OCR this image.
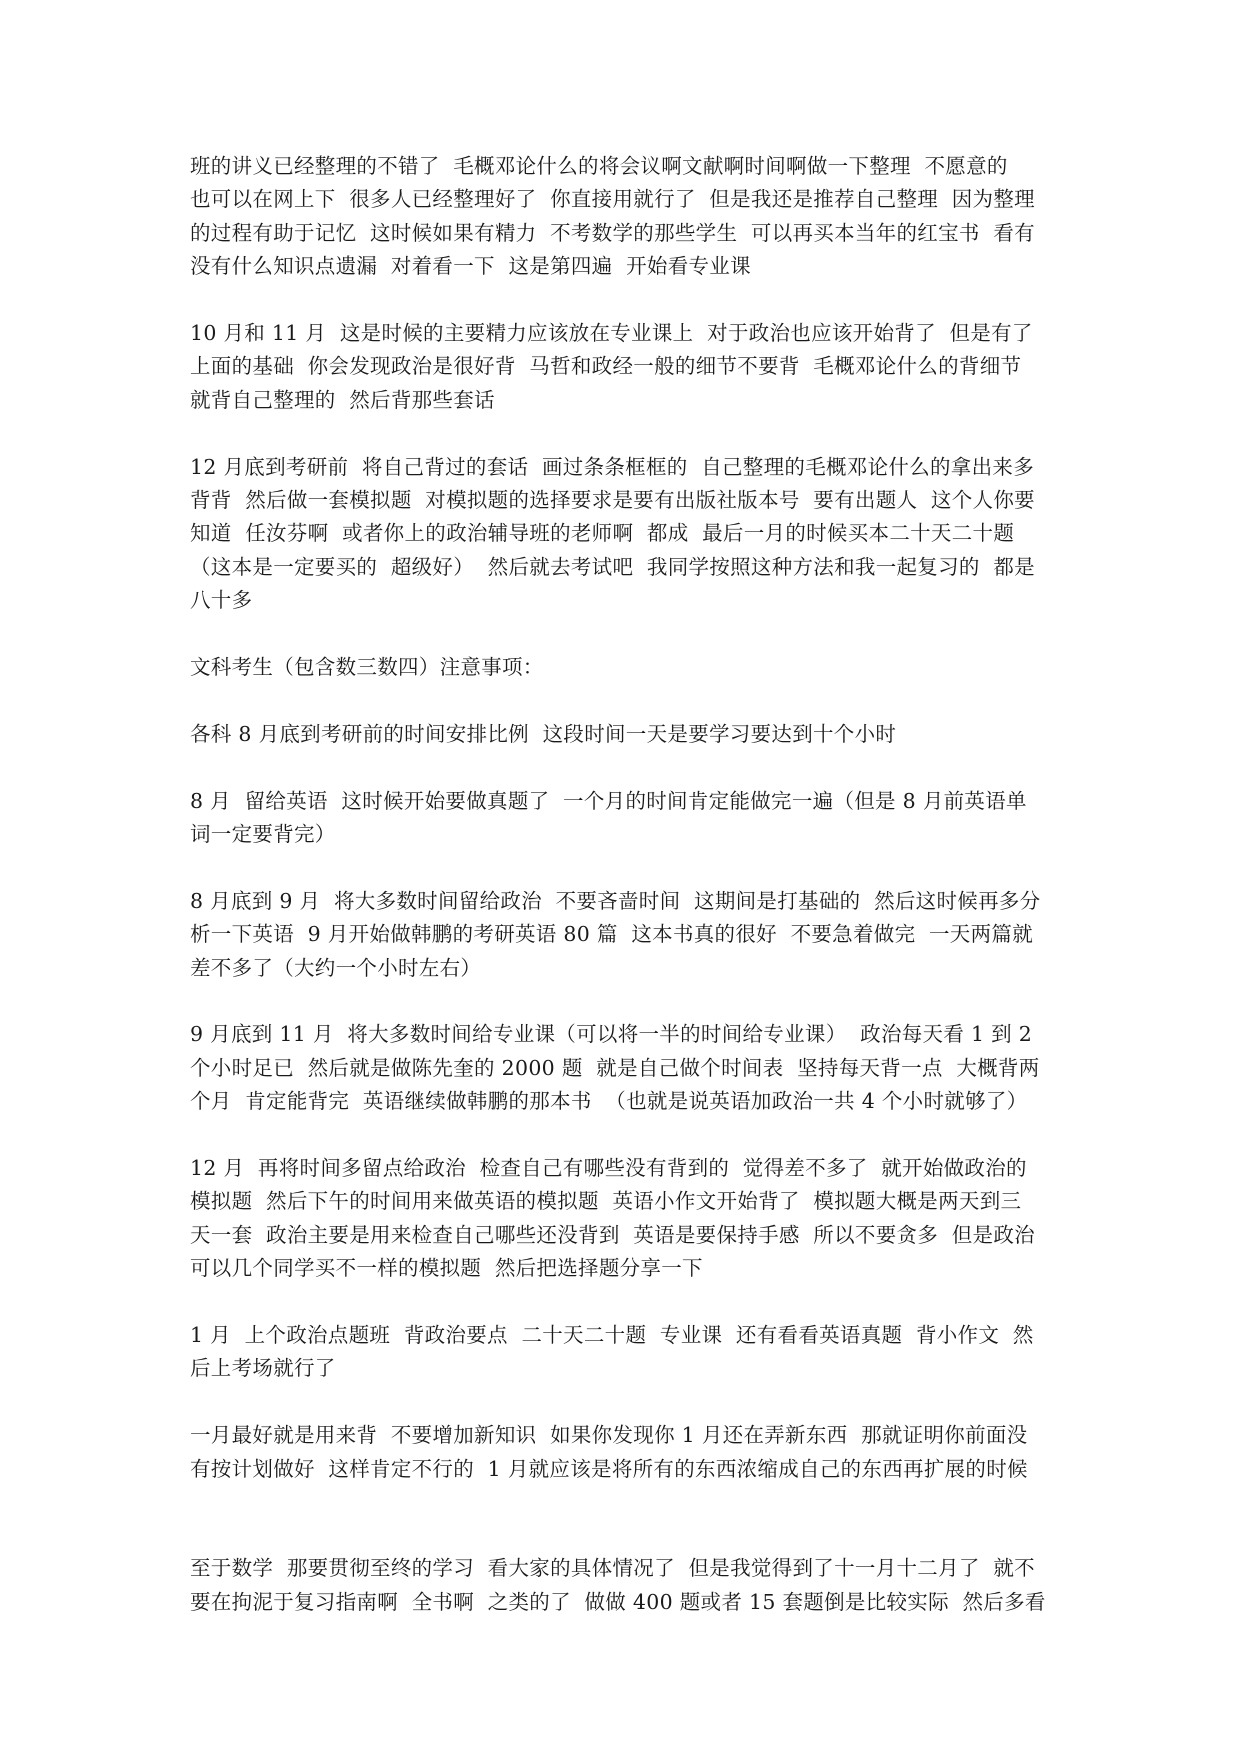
班的讲义已经整理的不错了  毛概邓论什么的将会议啊文献啊时间啊做一下整理  不愿意的
也可以在网上下  很多人已经整理好了  你直接用就行了  但是我还是推荐自己整理  因为整理
的过程有助于记忆  这时候如果有精力  不考数学的那些学生  可以再买本当年的红宝书  看有
没有什么知识点遗漏  对着看一下  这是第四遍  开始看专业课
10 月和 11 月  这是时候的主要精力应该放在专业课上  对于政治也应该开始背了  但是有了
上面的基础  你会发现政治是很好背  马哲和政经一般的细节不要背  毛概邓论什么的背细节
就背自己整理的  然后背那些套话
12 月底到考研前  将自己背过的套话  画过条条框框的  自己整理的毛概邓论什么的拿出来多
背背  然后做一套模拟题  对模拟题的选择要求是要有出版社版本号  要有出题人  这个人你要
知道  任汝芬啊  或者你上的政治辅导班的老师啊  都成  最后一月的时候买本二十天二十题
（这本是一定要买的  超级好）  然后就去考试吧  我同学按照这种方法和我一起复习的  都是
八十多
文科考生（包含数三数四）注意事项：
各科 8 月底到考研前的时间安排比例  这段时间一天是要学习要达到十个小时
8 月  留给英语  这时候开始要做真题了  一个月的时间肯定能做完一遍（但是 8 月前英语单
词一定要背完）
8 月底到 9 月  将大多数时间留给政治  不要吝啬时间  这期间是打基础的  然后这时候再多分
析一下英语  9 月开始做韩鹏的考研英语 80 篇  这本书真的很好  不要急着做完  一天两篇就
差不多了（大约一个小时左右）
9 月底到 11 月  将大多数时间给专业课（可以将一半的时间给专业课）  政治每天看 1 到 2
个小时足已  然后就是做陈先奎的 2000 题  就是自己做个时间表  坚持每天背一点  大概背两
个月  肯定能背完  英语继续做韩鹏的那本书  （也就是说英语加政治一共 4 个小时就够了）
12 月  再将时间多留点给政治  检查自己有哪些没有背到的  觉得差不多了  就开始做政治的
模拟题  然后下午的时间用来做英语的模拟题  英语小作文开始背了  模拟题大概是两天到三
天一套  政治主要是用来检查自己哪些还没背到  英语是要保持手感  所以不要贪多  但是政治
可以几个同学买不一样的模拟题  然后把选择题分享一下
1 月  上个政治点题班  背政治要点  二十天二十题  专业课  还有看看英语真题  背小作文  然
后上考场就行了
一月最好就是用来背  不要增加新知识  如果你发现你 1 月还在弄新东西  那就证明你前面没
有按计划做好  这样肯定不行的  1 月就应该是将所有的东西浓缩成自己的东西再扩展的时候
至于数学  那要贯彻至终的学习  看大家的具体情况了  但是我觉得到了十一月十二月了  就不
要在拘泥于复习指南啊  全书啊  之类的了  做做 400 题或者 15 套题倒是比较实际  然后多看
